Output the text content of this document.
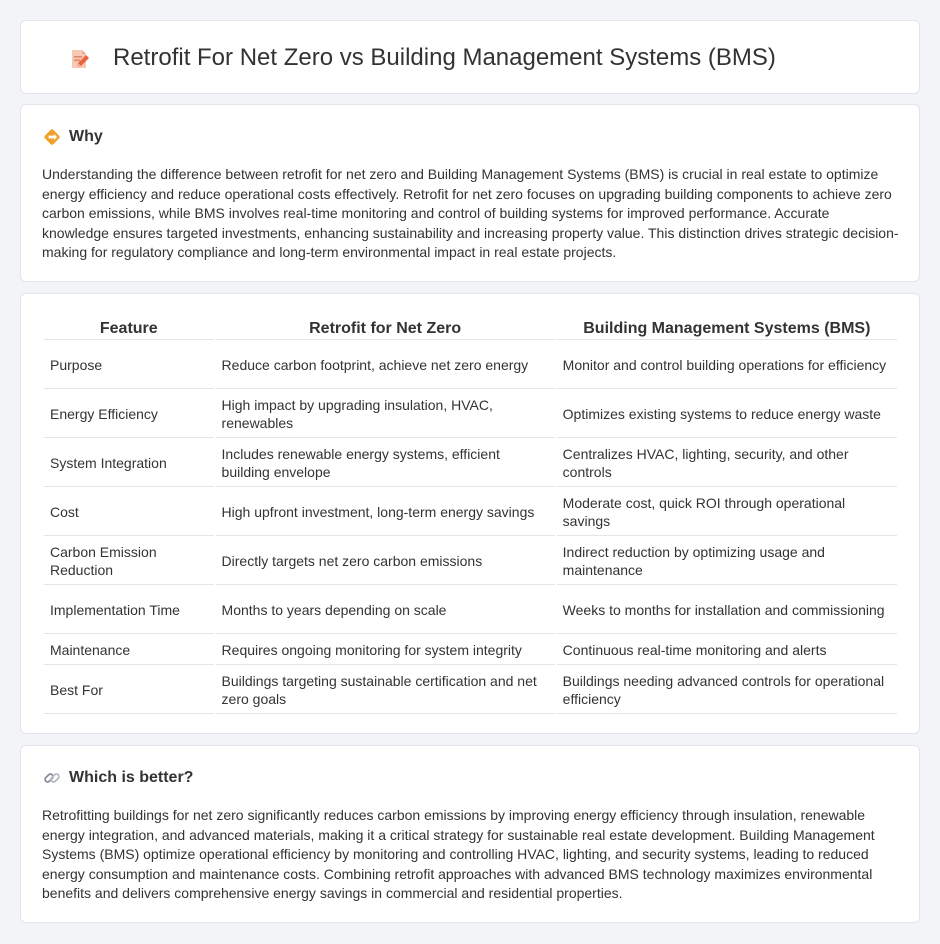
Retrofit For Net Zero vs Building Management Systems (BMS)
Why

Understanding the difference between retrofit for net zero and Building Management Systems (BMS) is crucial in real estate to optimize energy efficiency and reduce operational costs effectively. Retrofit for net zero focuses on upgrading building components to achieve zero carbon emissions, while BMS involves real-time monitoring and control of building systems for improved performance. Accurate knowledge ensures targeted investments, enhancing sustainability and increasing property value. This distinction drives strategic decision-making for regulatory compliance and long-term environmental impact in real estate projects.

Feature	Retrofit for Net Zero	Building Management Systems (BMS)
Purpose	Reduce carbon footprint, achieve net zero energy	Monitor and control building operations for efficiency
Energy Efficiency	High impact by upgrading insulation, HVAC, renewables	Optimizes existing systems to reduce energy waste
System Integration	Includes renewable energy systems, efficient building envelope	Centralizes HVAC, lighting, security, and other controls
Cost	High upfront investment, long-term energy savings	Moderate cost, quick ROI through operational savings
Carbon Emission Reduction	Directly targets net zero carbon emissions	Indirect reduction by optimizing usage and maintenance
Implementation Time	Months to years depending on scale	Weeks to months for installation and commissioning
Maintenance	Requires ongoing monitoring for system integrity	Continuous real-time monitoring and alerts
Best For	Buildings targeting sustainable certification and net zero goals	Buildings needing advanced controls for operational efficiency
Which is better?

Retrofitting buildings for net zero significantly reduces carbon emissions by improving energy efficiency through insulation, renewable energy integration, and advanced materials, making it a critical strategy for sustainable real estate development. Building Management Systems (BMS) optimize operational efficiency by monitoring and controlling HVAC, lighting, and security systems, leading to reduced energy consumption and maintenance costs. Combining retrofit approaches with advanced BMS technology maximizes environmental benefits and delivers comprehensive energy savings in commercial and residential properties.
